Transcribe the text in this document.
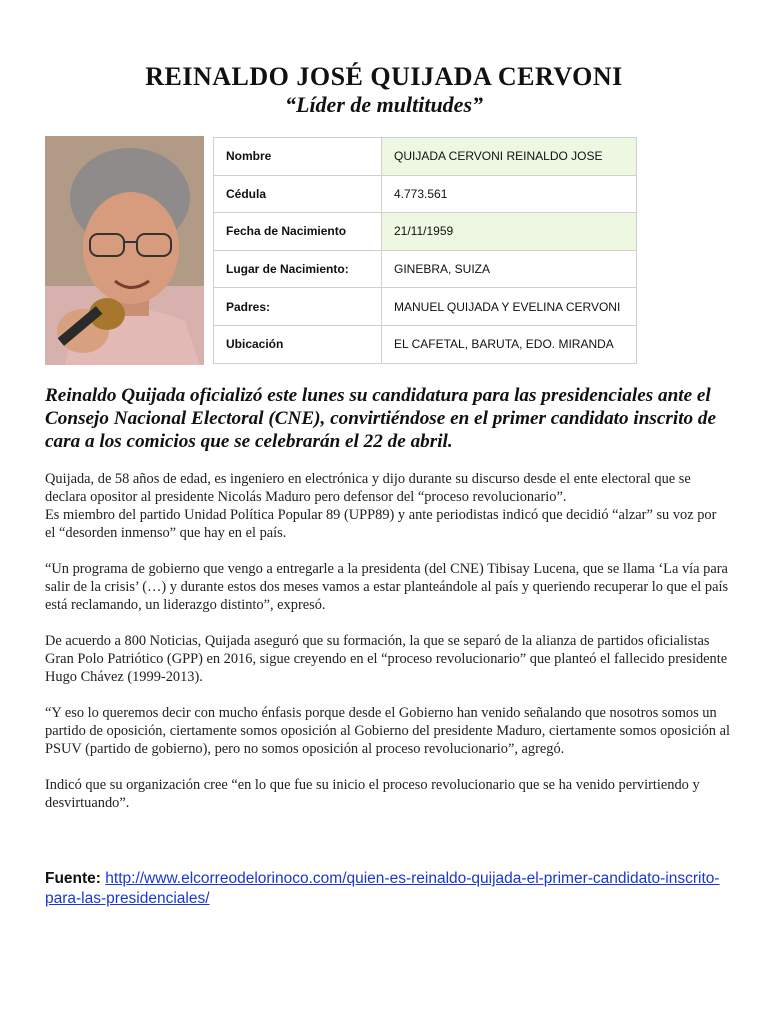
REINALDO JOSÉ QUIJADA CERVONI
“Líder de multitudes”
Nombre	QUIJADA CERVONI REINALDO JOSE
Cédula	4.773.561
Fecha de Nacimiento	21/11/1959
Lugar de Nacimiento:	GINEBRA, SUIZA
Padres:	MANUEL QUIJADA Y EVELINA CERVONI
Ubicación	EL CAFETAL, BARUTA, EDO. MIRANDA

Reinaldo Quijada oficializó este lunes su candidatura para las presidenciales ante el Consejo Nacional Electoral (CNE), convirtiéndose en el primer candidato inscrito de cara a los comicios que se celebrarán el 22 de abril.

Quijada, de 58 años de edad, es ingeniero en electrónica y dijo durante su discurso desde el ente electoral que se declara opositor al presidente Nicolás Maduro pero defensor del “proceso revolucionario”.
Es miembro del partido Unidad Política Popular 89 (UPP89) y ante periodistas indicó que decidió “alzar” su voz por el “desorden inmenso” que hay en el país.

“Un programa de gobierno que vengo a entregarle a la presidenta (del CNE) Tibisay Lucena, que se llama ‘La vía para salir de la crisis’ (…) y durante estos dos meses vamos a estar planteándole al país y queriendo recuperar lo que el país está reclamando, un liderazgo distinto”, expresó.

De acuerdo a 800 Noticias, Quijada aseguró que su formación, la que se separó de la alianza de partidos oficialistas Gran Polo Patriótico (GPP) en 2016, sigue creyendo en el “proceso revolucionario” que planteó el fallecido presidente Hugo Chávez (1999-2013).

“Y eso lo queremos decir con mucho énfasis porque desde el Gobierno han venido señalando que nosotros somos un partido de oposición, ciertamente somos oposición al Gobierno del presidente Maduro, ciertamente somos oposición al PSUV (partido de gobierno), pero no somos oposición al proceso revolucionario”, agregó.

Indicó que su organización cree “en lo que fue su inicio el proceso revolucionario que se ha venido pervirtiendo y desvirtuando”.

Fuente: http://www.elcorreodelorinoco.com/quien-es-reinaldo-quijada-el-primer-candidato-inscrito-para-las-presidenciales/
